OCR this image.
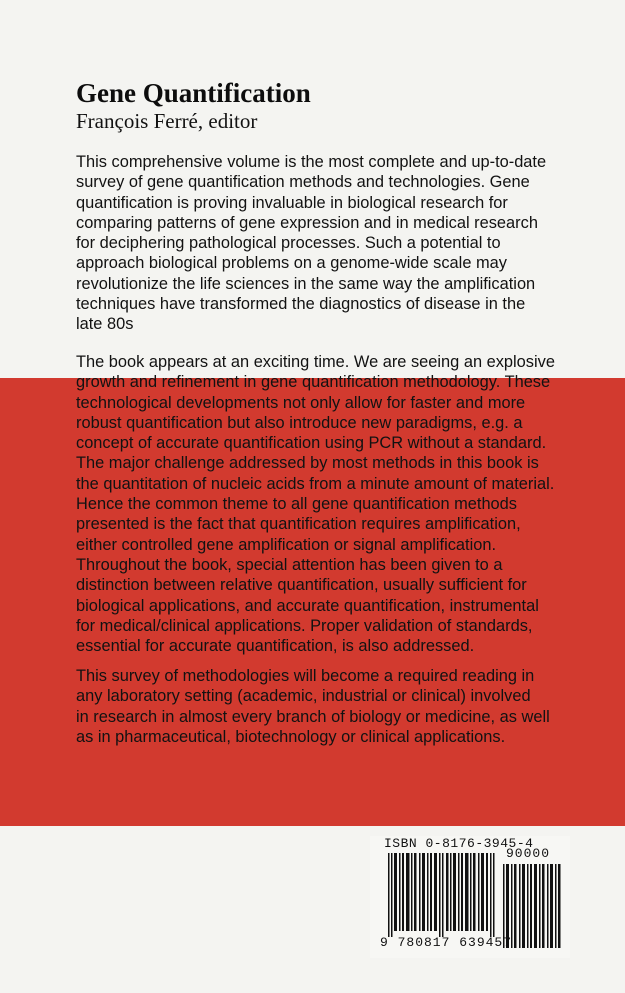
Gene Quantification
François Ferré, editor

This comprehensive volume is the most complete and up-to-date
survey of gene quantification methods and technologies. Gene
quantification is proving invaluable in biological research for
comparing patterns of gene expression and in medical research
for deciphering pathological processes. Such a potential to
approach biological problems on a genome-wide scale may
revolutionize the life sciences in the same way the amplification
techniques have transformed the diagnostics of disease in the
late 80s

The book appears at an exciting time. We are seeing an explosive
growth and refinement in gene quantification methodology. These
technological developments not only allow for faster and more
robust quantification but also introduce new paradigms, e.g. a
concept of accurate quantification using PCR without a standard.
The major challenge addressed by most methods in this book is
the quantitation of nucleic acids from a minute amount of material.
Hence the common theme to all gene quantification methods
presented is the fact that quantification requires amplification,
either controlled gene amplification or signal amplification.
Throughout the book, special attention has been given to a
distinction between relative quantification, usually sufficient for
biological applications, and accurate quantification, instrumental
for medical/clinical applications. Proper validation of standards,
essential for accurate quantification, is also addressed.

This survey of methodologies will become a required reading in
any laboratory setting (academic, industrial or clinical) involved
in research in almost every branch of biology or medicine, as well
as in pharmaceutical, biotechnology or clinical applications.

ISBN 0-8176-3945-4
90000
9 780817 639457
